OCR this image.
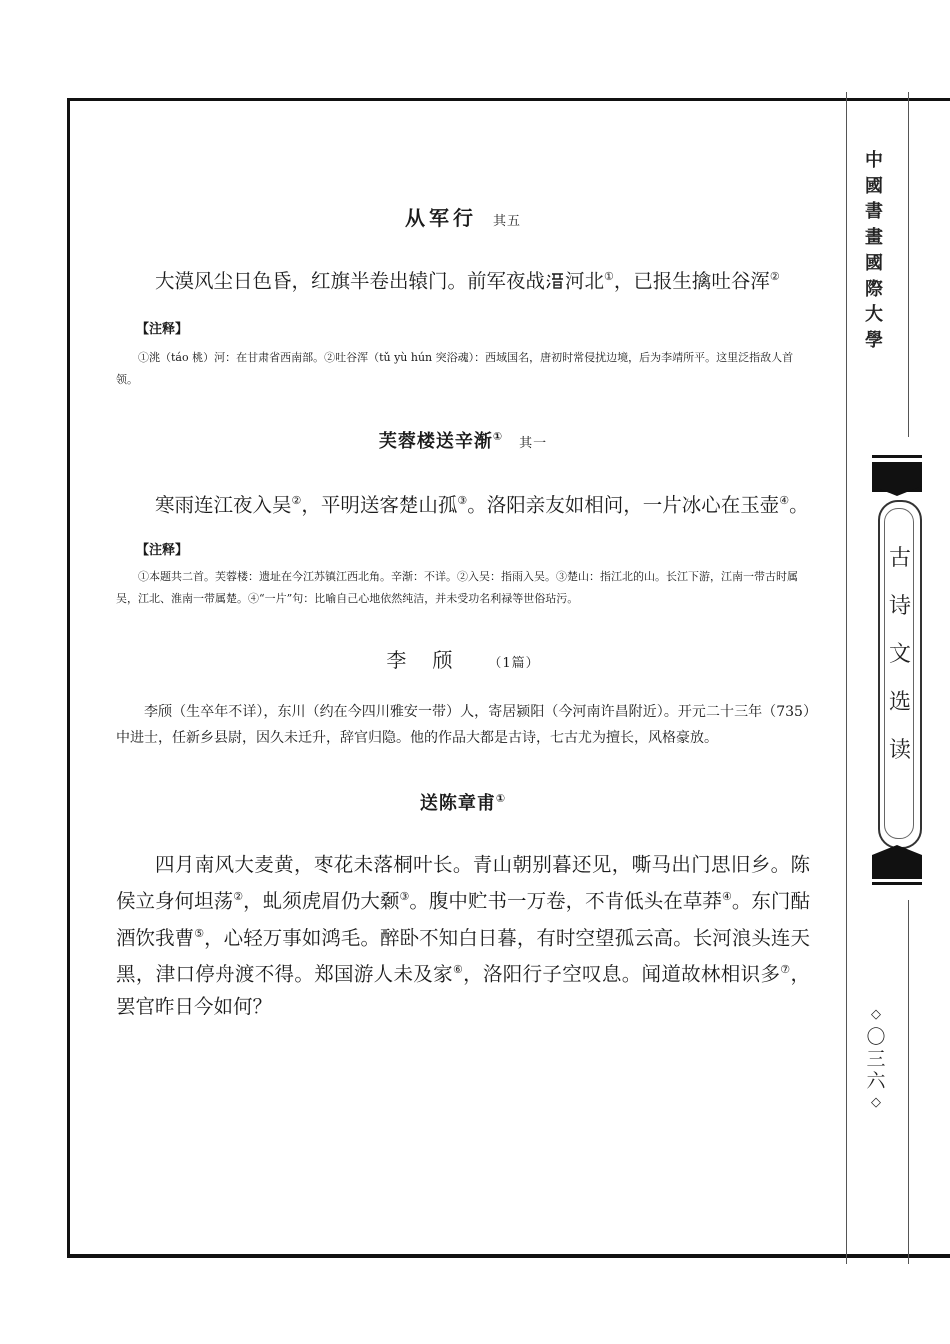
中
國
書
畫
國
際
大
學
古
诗
文
选
读
◇
〇
三
六
◇
从军行 其五

大漠风尘日色昏，红旗半卷出辕门。前军夜战 河北①，已报生擒吐谷浑②

【注释】

①洮（táo 桃）河：在甘肃省西南部。②吐谷浑（tǔ yù hún 突浴魂）：西域国名，唐初时常侵扰边境，后为李靖所平。这里泛指敌人首领。

芙蓉楼送辛渐① 其一

寒雨连江夜入吴②，平明送客楚山孤③。洛阳亲友如相问，一片冰心在玉壶④。

【注释】

①本题共二首。芙蓉楼：遗址在今江苏镇江西北角。辛渐：不详。②入吴：指雨入吴。③楚山：指江北的山。长江下游，江南一带古时属吴，江北、淮南一带属楚。④“一片”句：比喻自己心地依然纯洁，并未受功名利禄等世俗玷污。

李颀 （1篇）

李颀（生卒年不详），东川（约在今四川雅安一带）人，寄居颍阳（今河南许昌附近）。开元二十三年（735）中进士，任新乡县尉，因久未迁升，辞官归隐。他的作品大都是古诗，七古尤为擅长，风格豪放。

送陈章甫①

四月南风大麦黄，枣花未落桐叶长。青山朝别暮还见，嘶马出门思旧乡。陈侯立身何坦荡②，虬须虎眉仍大颡③。腹中贮书一万卷，不肯低头在草莽④。东门酤酒饮我曹⑤，心轻万事如鸿毛。醉卧不知白日暮，有时空望孤云高。长河浪头连天黑，津口停舟渡不得。郑国游人未及家⑥，洛阳行子空叹息。闻道故林相识多⑦，罢官昨日今如何？
